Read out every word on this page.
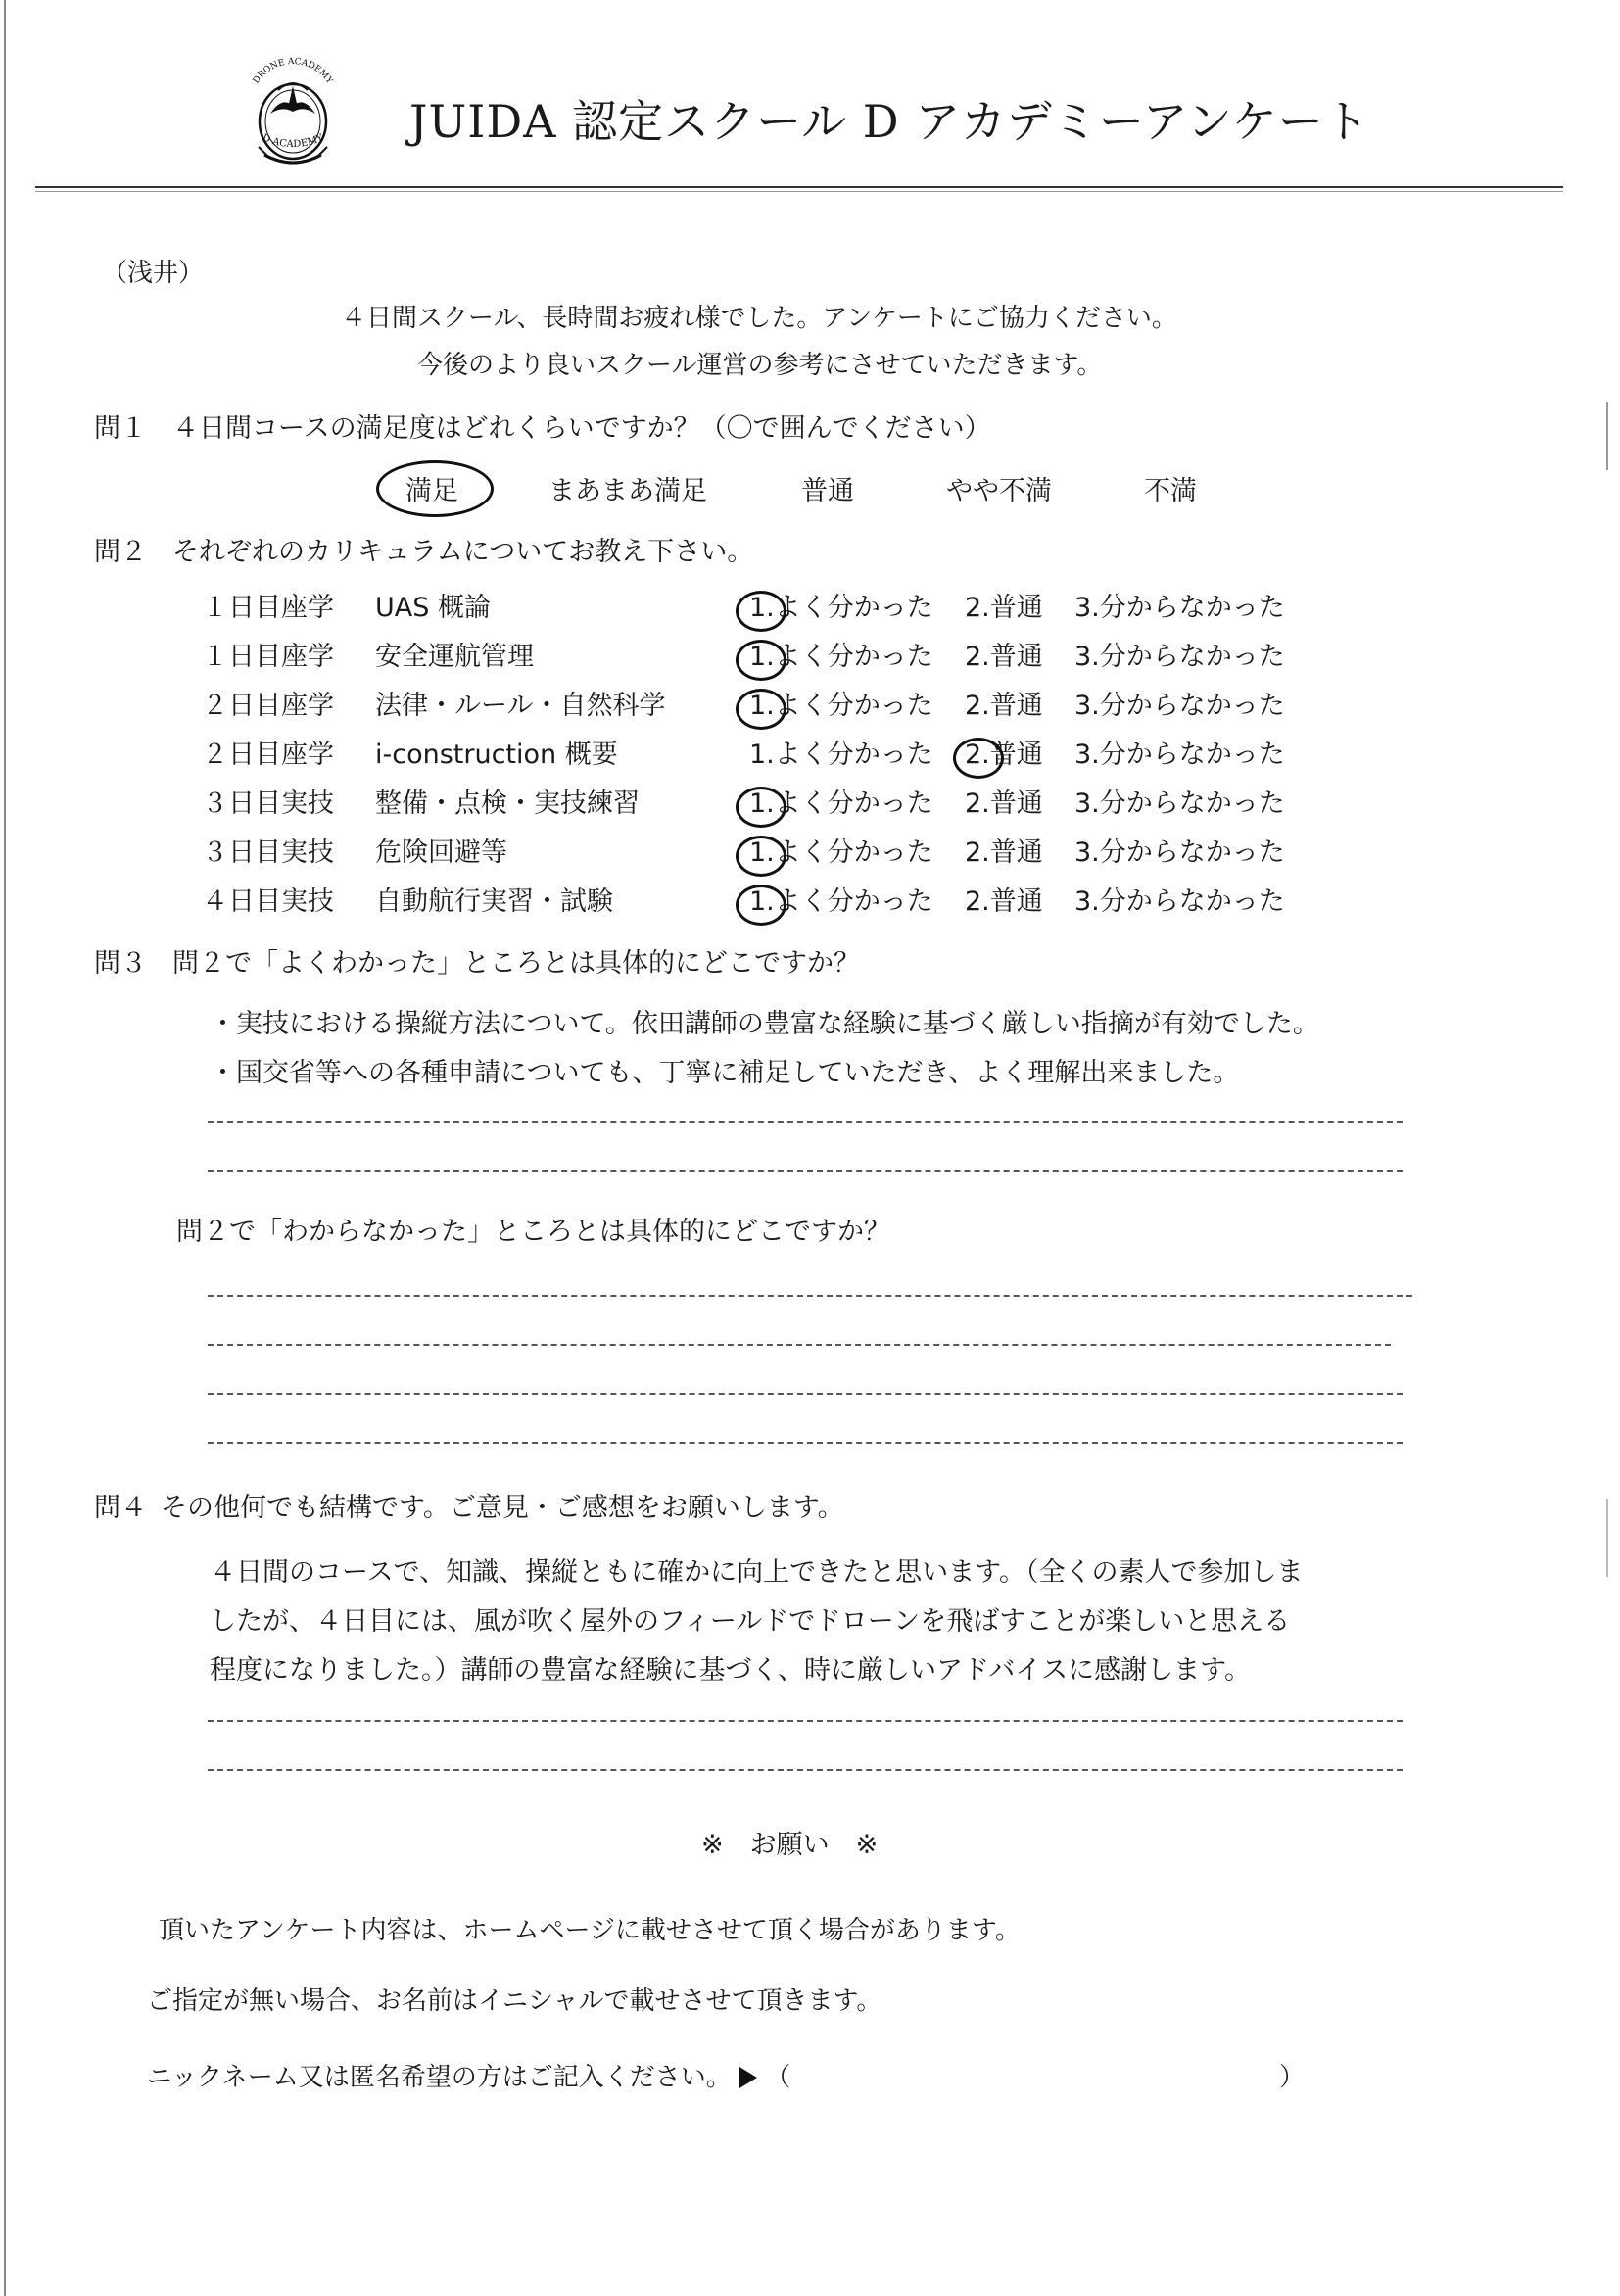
DRONE ACADEMY
D ACADEMY JUIDA 認定スクール D アカデミーアンケート
（浅井）
４日間スクール、長時間お疲れ様でした。アンケートにご協力ください。
今後のより良いスクール運営の参考にさせていただきます。
問１ ４日間コースの満足度はどれくらいですか？（〇で囲んでください）
満足	まあまあ満足	普通	やや不満	不満
問２ それぞれのカリキュラムについてお教え下さい。
１日目座学	UAS 概論	1.よく分かった	2.普通	3.分からなかった
１日目座学	安全運航管理	1.よく分かった	2.普通	3.分からなかった
２日目座学	法律・ルール・自然科学	1.よく分かった	2.普通	3.分からなかった
２日目座学	i-construction 概要	1.よく分かった	2.普通	3.分からなかった
３日目実技	整備・点検・実技練習	1.よく分かった	2.普通	3.分からなかった
３日目実技	危険回避等	1.よく分かった	2.普通	3.分からなかった
４日目実技	自動航行実習・試験	1.よく分かった	2.普通	3.分からなかった
問３ 問２で「よくわかった」ところとは具体的にどこですか？
・実技における操縦方法について。依田講師の豊富な経験に基づく厳しい指摘が有効でした。
・国交省等への各種申請についても、丁寧に補足していただき、よく理解出来ました。
問２で「わからなかった」ところとは具体的にどこですか？
問４ その他何でも結構です。ご意見・ご感想をお願いします。
４日間のコースで、知識、操縦ともに確かに向上できたと思います。（全くの素人で参加しま
したが、４日目には、風が吹く屋外のフィールドでドローンを飛ばすことが楽しいと思える
程度になりました。）講師の豊富な経験に基づく、時に厳しいアドバイスに感謝します。
※　お願い　※
頂いたアンケート内容は、ホームページに載せさせて頂く場合があります。
ご指定が無い場合、お名前はイニシャルで載せさせて頂きます。
ニックネーム又は匿名希望の方はご記入ください。 （	）
